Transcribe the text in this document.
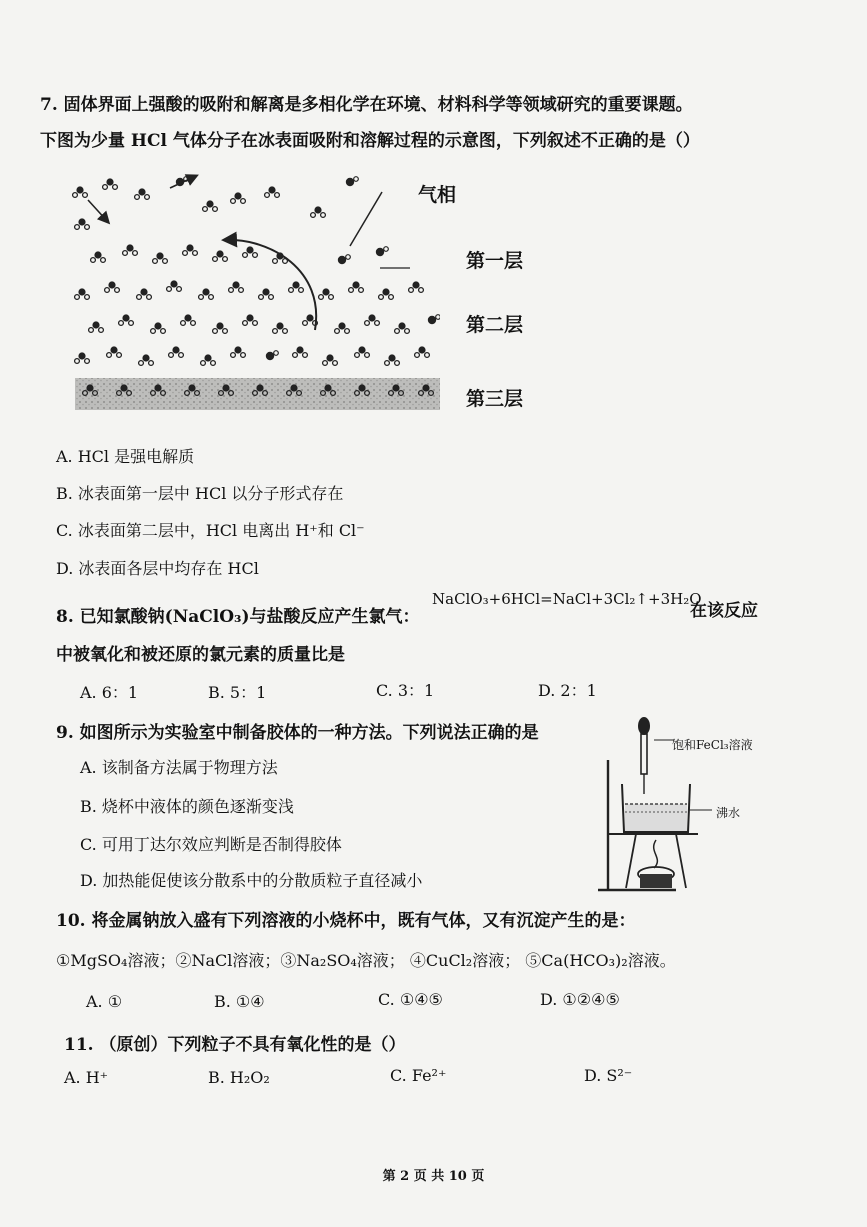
7. 固体界面上强酸的吸附和解离是多相化学在环境、材料科学等领域研究的重要课题。
下图为少量 HCl 气体分子在冰表面吸附和溶解过程的示意图，下列叙述不正确的是（）
气相
第一层
第二层
第三层
A. HCl 是强电解质
B. 冰表面第一层中 HCl 以分子形式存在
C. 冰表面第二层中，HCl 电离出 H⁺和 Cl⁻
D. 冰表面各层中均存在 HCl
8. 已知氯酸钠(NaClO₃)与盐酸反应产生氯气：
NaClO₃+6HCl=NaCl+3Cl₂↑+3H₂O
在该反应
中被氧化和被还原的氯元素的质量比是
A. 6：1	B. 5：1	C. 3：1	D. 2：1
9. 如图所示为实验室中制备胶体的一种方法。下列说法正确的是
A. 该制备方法属于物理方法
B. 烧杯中液体的颜色逐渐变浅
C. 可用丁达尔效应判断是否制得胶体
D. 加热能促使该分散系中的分散质粒子直径减小
饱和FeCl₃溶液
沸水
10. 将金属钠放入盛有下列溶液的小烧杯中，既有气体，又有沉淀产生的是：
①MgSO₄溶液；②NaCl溶液；③Na₂SO₄溶液； ④CuCl₂溶液； ⑤Ca(HCO₃)₂溶液。
A. ①	B. ①④	C. ①④⑤	D. ①②④⑤
11. （原创）下列粒子不具有氧化性的是（）
A. H⁺	B. H₂O₂	C. Fe²⁺	D. S²⁻
第 2 页 共 10 页
